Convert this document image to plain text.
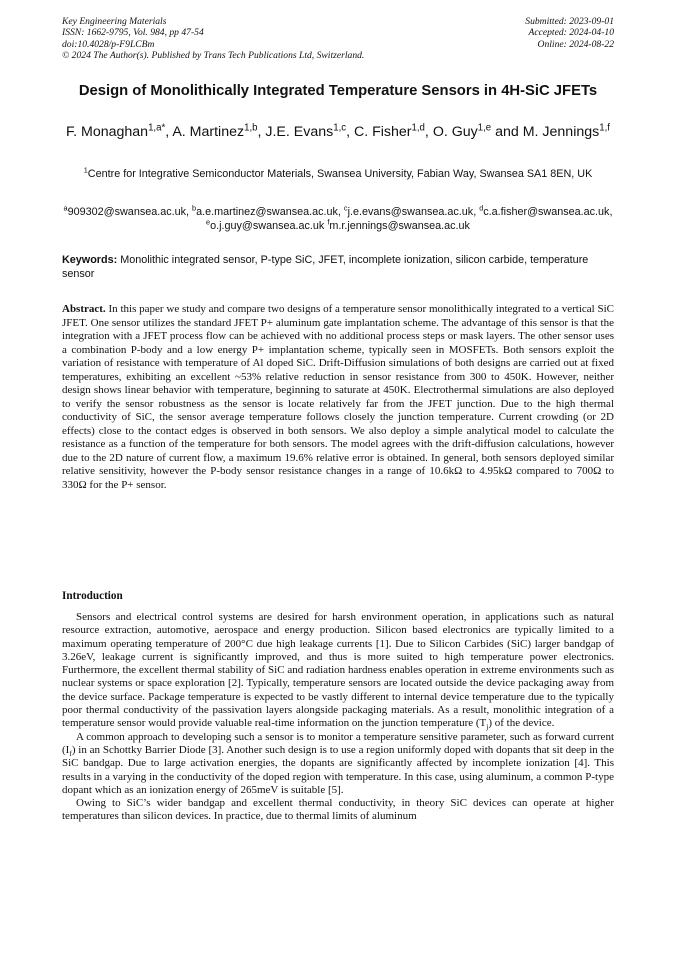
Key Engineering Materials
ISSN: 1662-9795, Vol. 984, pp 47-54
doi:10.4028/p-F9LCBm
© 2024 The Author(s). Published by Trans Tech Publications Ltd, Switzerland.
Submitted: 2023-09-01
Accepted: 2024-04-10
Online: 2024-08-22
Design of Monolithically Integrated Temperature Sensors in 4H-SiC JFETs
F. Monaghan$^{1,a*}$, A. Martinez$^{1,b}$, J.E. Evans$^{1,c}$, C. Fisher$^{1,d}$, O. Guy$^{1,e}$ and M. Jennings$^{1,f}$
$^1$Centre for Integrative Semiconductor Materials, Swansea University, Fabian Way, Swansea SA1 8EN, UK
$^a$909302@swansea.ac.uk, $^b$a.e.martinez@swansea.ac.uk, $^c$j.e.evans@swansea.ac.uk, $^d$c.a.fisher@swansea.ac.uk, $^e$o.j.guy@swansea.ac.uk $^f$m.r.jennings@swansea.ac.uk
Keywords: Monolithic integrated sensor, P-type SiC, JFET, incomplete ionization, silicon carbide, temperature sensor
Abstract. In this paper we study and compare two designs of a temperature sensor monolithically integrated to a vertical SiC JFET. One sensor utilizes the standard JFET P+ aluminum gate implantation scheme. The advantage of this sensor is that the integration with a JFET process flow can be achieved with no additional process steps or mask layers. The other sensor uses a combination P-body and a low energy P+ implantation scheme, typically seen in MOSFETs. Both sensors exploit the variation of resistance with temperature of Al doped SiC. Drift-Diffusion simulations of both designs are carried out at fixed temperatures, exhibiting an excellent ~53% relative reduction in sensor resistance from 300 to 450K. However, neither design shows linear behavior with temperature, beginning to saturate at 450K. Electrothermal simulations are also deployed to verify the sensor robustness as the sensor is locate relatively far from the JFET junction. Due to the high thermal conductivity of SiC, the sensor average temperature follows closely the junction temperature. Current crowding (or 2D effects) close to the contact edges is observed in both sensors. We also deploy a simple analytical model to calculate the resistance as a function of the temperature for both sensors. The model agrees with the drift-diffusion calculations, however due to the 2D nature of current flow, a maximum 19.6% relative error is obtained. In general, both sensors deployed similar relative sensitivity, however the P-body sensor resistance changes in a range of 10.6kΩ to 4.95kΩ compared to 700Ω to 330Ω for the P+ sensor.
Introduction

Sensors and electrical control systems are desired for harsh environment operation, in applications such as natural resource extraction, automotive, aerospace and energy production. Silicon based electronics are typically limited to a maximum operating temperature of 200°C due high leakage currents [1]. Due to Silicon Carbides (SiC) larger bandgap of 3.26eV, leakage current is significantly improved, and thus is more suited to high temperature power electronics. Furthermore, the excellent thermal stability of SiC and radiation hardness enables operation in extreme environments such as nuclear systems or space exploration [2]. Typically, temperature sensors are located outside the device packaging away from the device surface. Package temperature is expected to be vastly different to internal device temperature due to the typically poor thermal conductivity of the passivation layers alongside packaging materials. As a result, monolithic integration of a temperature sensor would provide valuable real-time information on the junction temperature $(T_j)$ of the device.

A common approach to developing such a sensor is to monitor a temperature sensitive parameter, such as forward current $(I_f)$ in an Schottky Barrier Diode [3]. Another such design is to use a region uniformly doped with dopants that sit deep in the SiC bandgap. Due to large activation energies, the dopants are significantly affected by incomplete ionization [4]. This results in a varying in the conductivity of the doped region with temperature. In this case, using aluminum, a common P-type dopant which as an ionization energy of 265meV is suitable [5].

Owing to SiC’s wider bandgap and excellent thermal conductivity, in theory SiC devices can operate at higher temperatures than silicon devices. In practice, due to thermal limits of aluminum
